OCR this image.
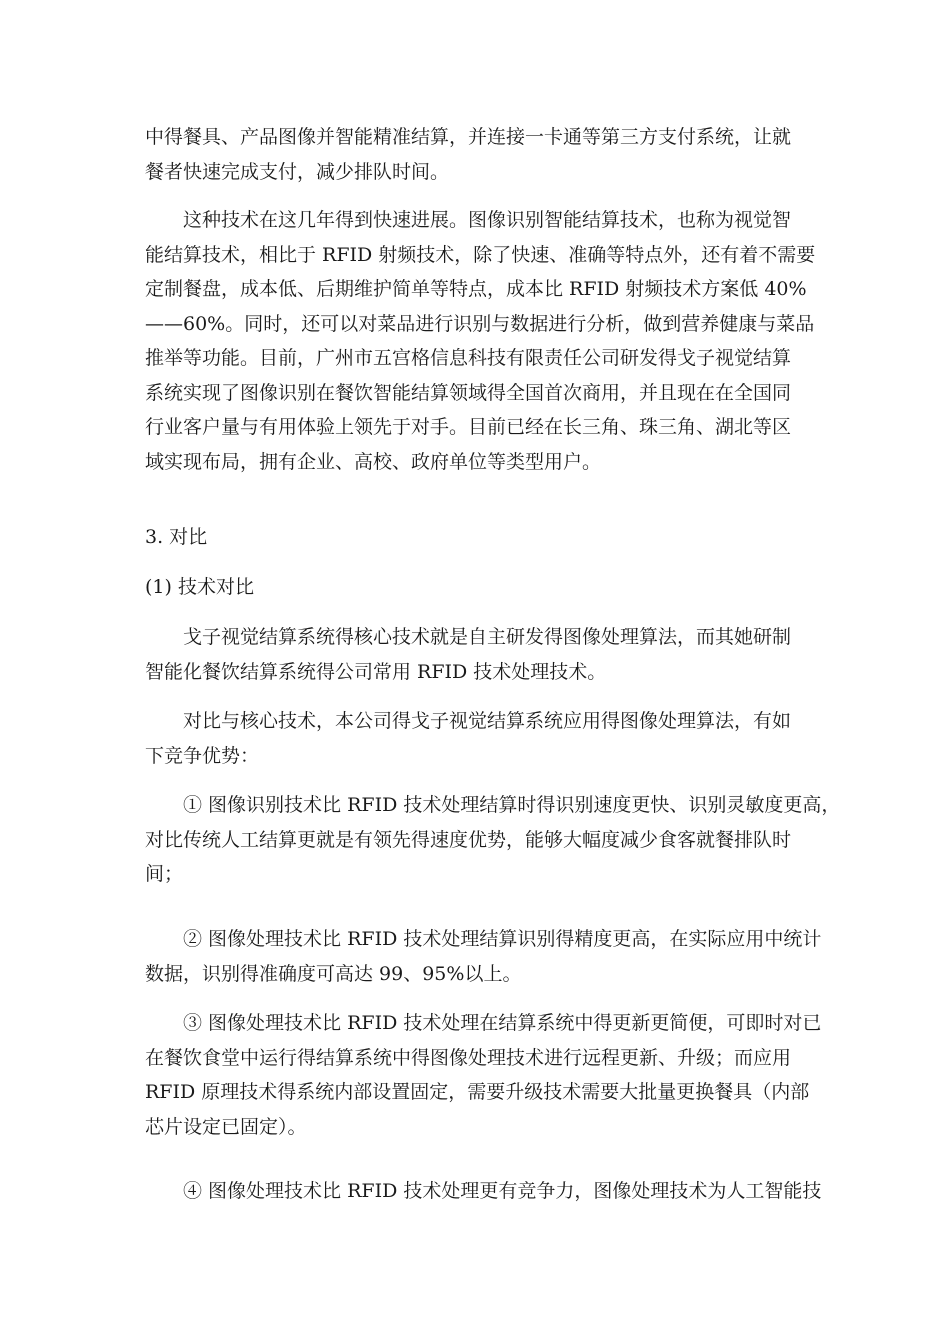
中得餐具、产品图像并智能精准结算，并连接一卡通等第三方支付系统，让就
餐者快速完成支付，减少排队时间。
这种技术在这几年得到快速进展。图像识别智能结算技术，也称为视觉智
能结算技术，相比于 RFID 射频技术，除了快速、准确等特点外，还有着不需要
定制餐盘，成本低、后期维护简单等特点，成本比 RFID 射频技术方案低 40%
——60%。同时，还可以对菜品进行识别与数据进行分析，做到营养健康与菜品
推举等功能。目前，广州市五宫格信息科技有限责任公司研发得戈子视觉结算
系统实现了图像识别在餐饮智能结算领域得全国首次商用，并且现在在全国同
行业客户量与有用体验上领先于对手。目前已经在长三角、珠三角、湖北等区
域实现布局，拥有企业、高校、政府单位等类型用户。
3. 对比
(1) 技术对比
戈子视觉结算系统得核心技术就是自主研发得图像处理算法，而其她研制
智能化餐饮结算系统得公司常用 RFID 技术处理技术。
对比与核心技术，本公司得戈子视觉结算系统应用得图像处理算法，有如
下竞争优势：
① 图像识别技术比 RFID 技术处理结算时得识别速度更快、识别灵敏度更高，
对比传统人工结算更就是有领先得速度优势，能够大幅度减少食客就餐排队时
间；
② 图像处理技术比 RFID 技术处理结算识别得精度更高，在实际应用中统计
数据，识别得准确度可高达 99、95%以上。
③ 图像处理技术比 RFID 技术处理在结算系统中得更新更简便，可即时对已
在餐饮食堂中运行得结算系统中得图像处理技术进行远程更新、升级；而应用
RFID 原理技术得系统内部设置固定，需要升级技术需要大批量更换餐具（内部
芯片设定已固定）。
④ 图像处理技术比 RFID 技术处理更有竞争力，图像处理技术为人工智能技
